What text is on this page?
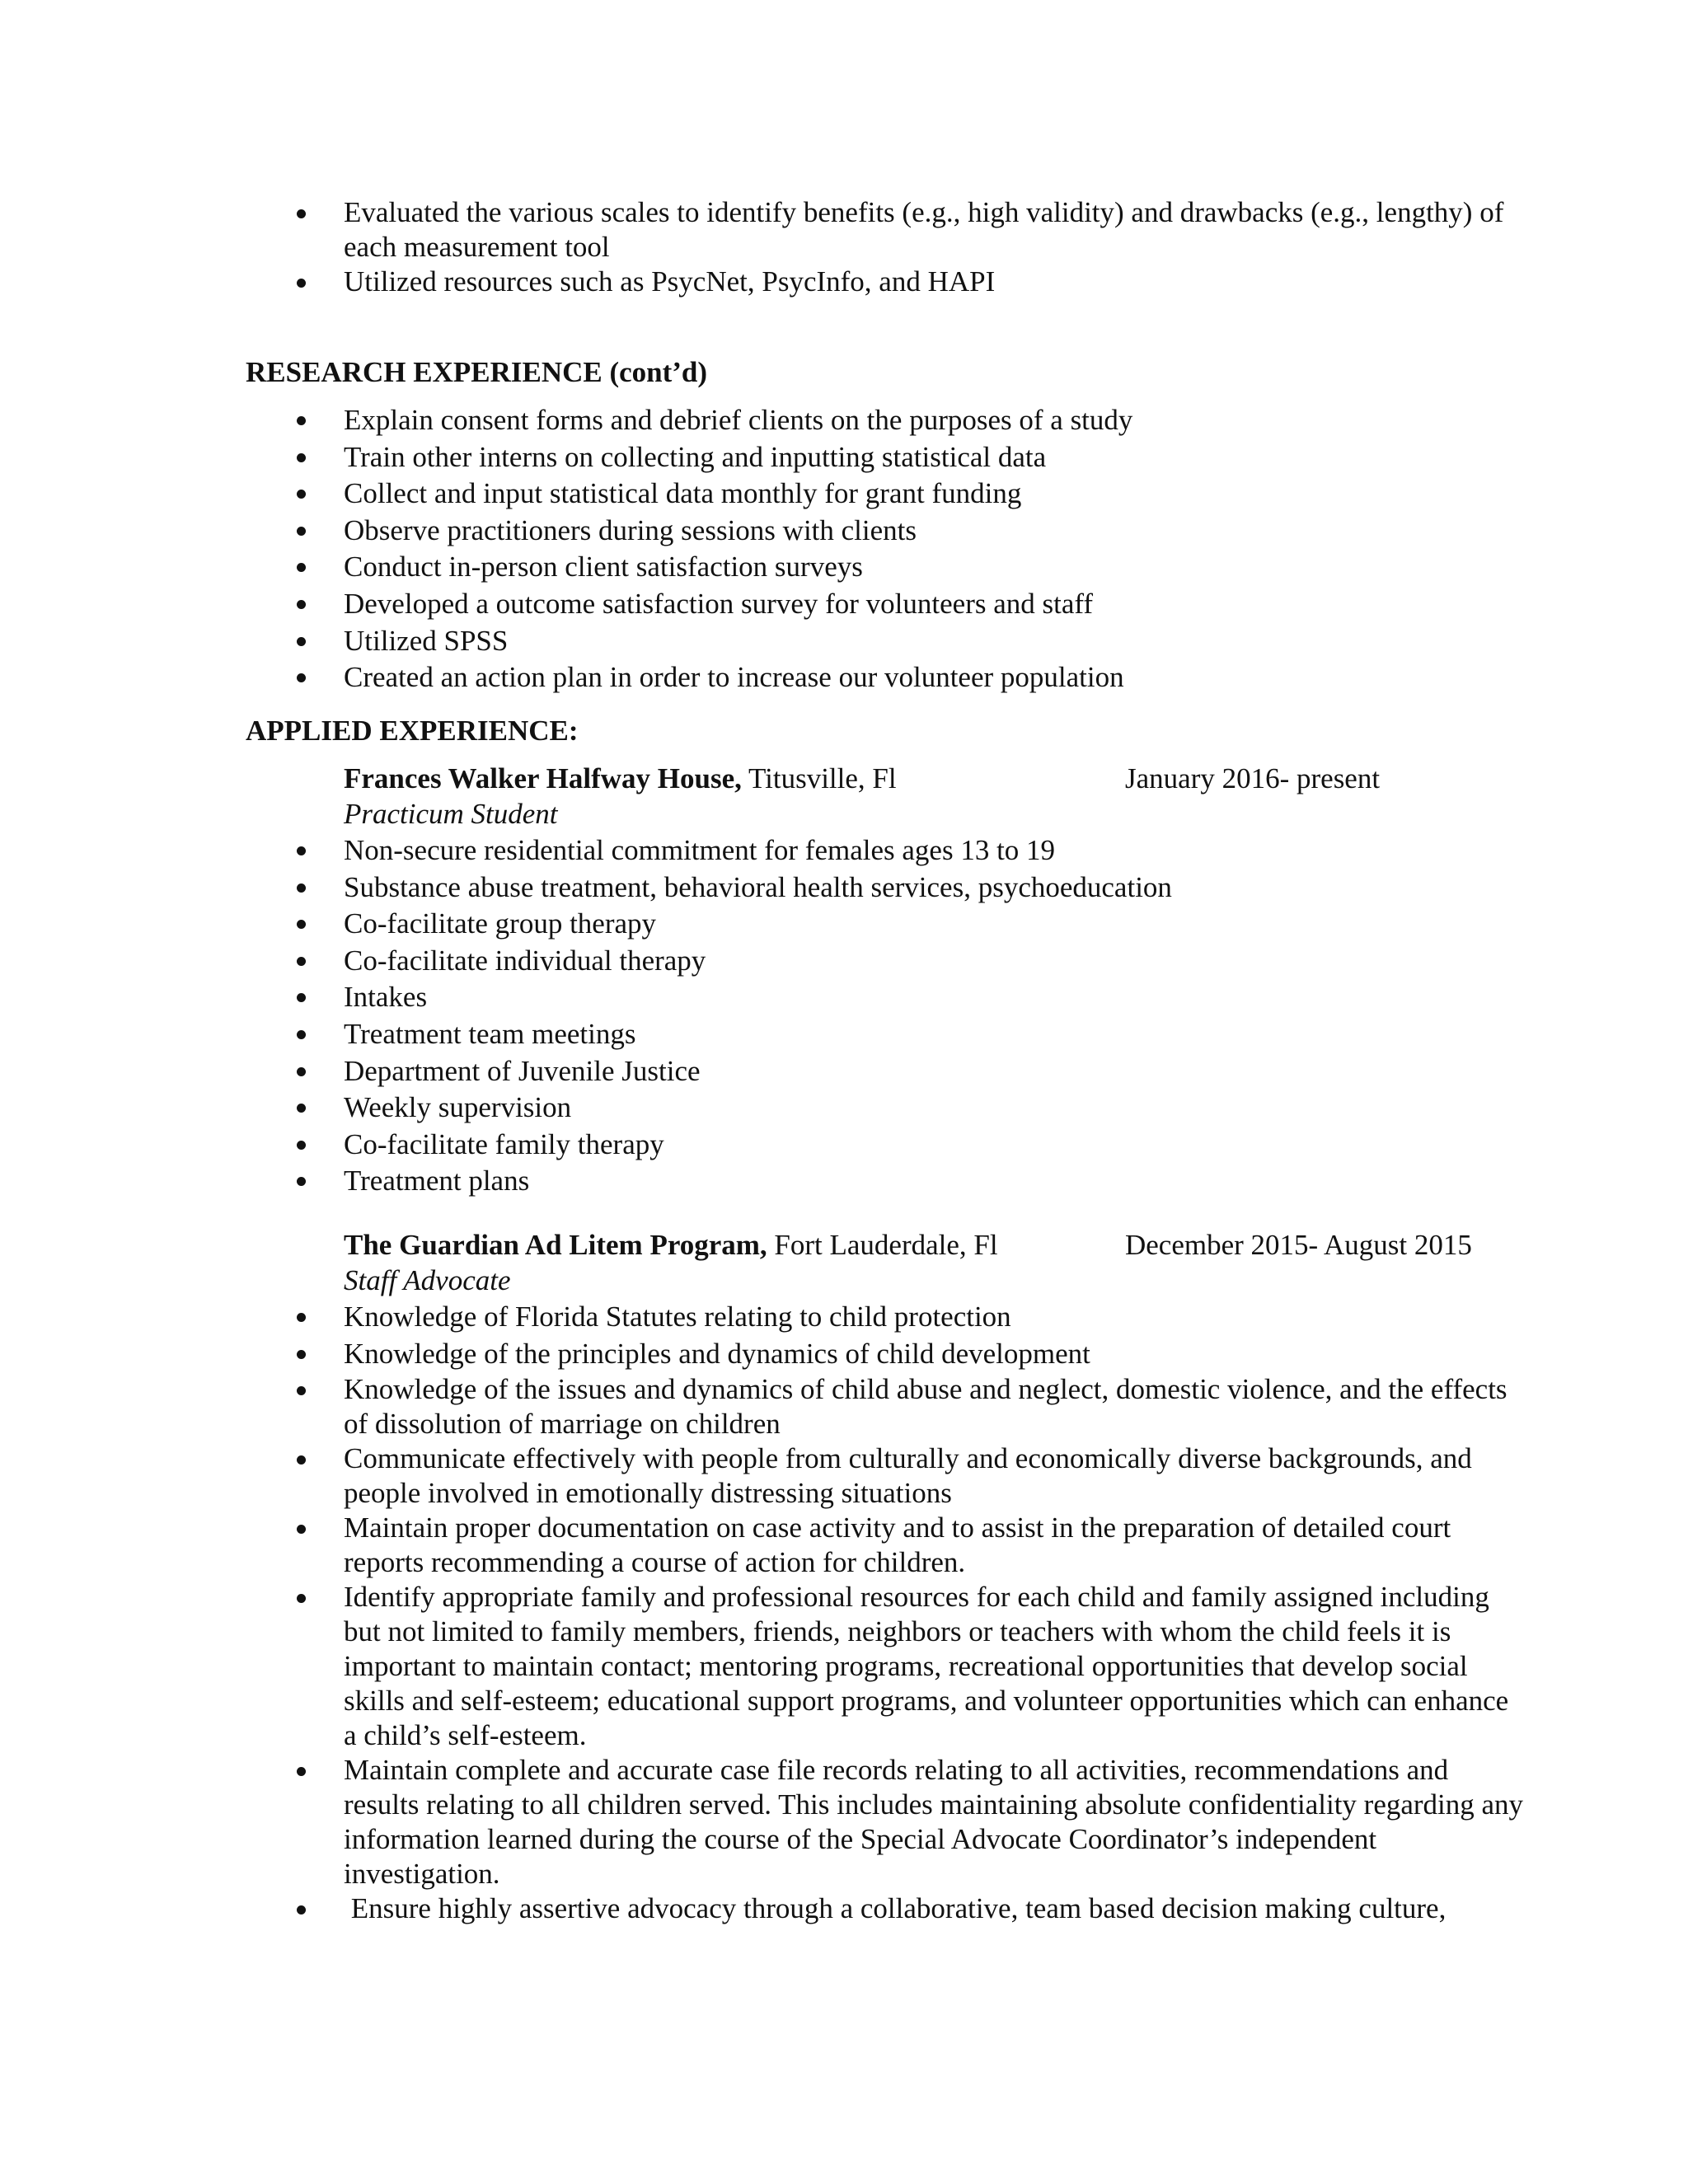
Evaluated the various scales to identify benefits (e.g., high validity) and drawbacks (e.g., lengthy) of each measurement tool
Utilized resources such as PsycNet, PsycInfo, and HAPI
RESEARCH EXPERIENCE (cont’d)
Explain consent forms and debrief clients on the purposes of a study
Train other interns on collecting and inputting statistical data
Collect and input statistical data monthly for grant funding
Observe practitioners during sessions with clients
Conduct in-person client satisfaction surveys
Developed a outcome satisfaction survey for volunteers and staff
Utilized SPSS
Created an action plan in order to increase our volunteer population
APPLIED EXPERIENCE:
Frances Walker Halfway House, Titusville, Fl	January 2016- present
Practicum Student
Non-secure residential commitment for females ages 13 to 19
Substance abuse treatment, behavioral health services, psychoeducation
Co-facilitate group therapy
Co-facilitate individual therapy
Intakes
Treatment team meetings
Department of Juvenile Justice
Weekly supervision
Co-facilitate family therapy
Treatment plans
The Guardian Ad Litem Program, Fort Lauderdale, Fl	December 2015- August 2015
Staff Advocate
Knowledge of Florida Statutes relating to child protection
Knowledge of the principles and dynamics of child development
Knowledge of the issues and dynamics of child abuse and neglect, domestic violence, and the effects of dissolution of marriage on children
Communicate effectively with people from culturally and economically diverse backgrounds, and people involved in emotionally distressing situations
Maintain proper documentation on case activity and to assist in the preparation of detailed court reports recommending a course of action for children.
Identify appropriate family and professional resources for each child and family assigned including but not limited to family members, friends, neighbors or teachers with whom the child feels it is important to maintain contact; mentoring programs, recreational opportunities that develop social skills and self-esteem; educational support programs, and volunteer opportunities which can enhance a child’s self-esteem.
Maintain complete and accurate case file records relating to all activities, recommendations and results relating to all children served. This includes maintaining absolute confidentiality regarding any information learned during the course of the Special Advocate Coordinator’s independent investigation.
Ensure highly assertive advocacy through a collaborative, team based decision making culture,
